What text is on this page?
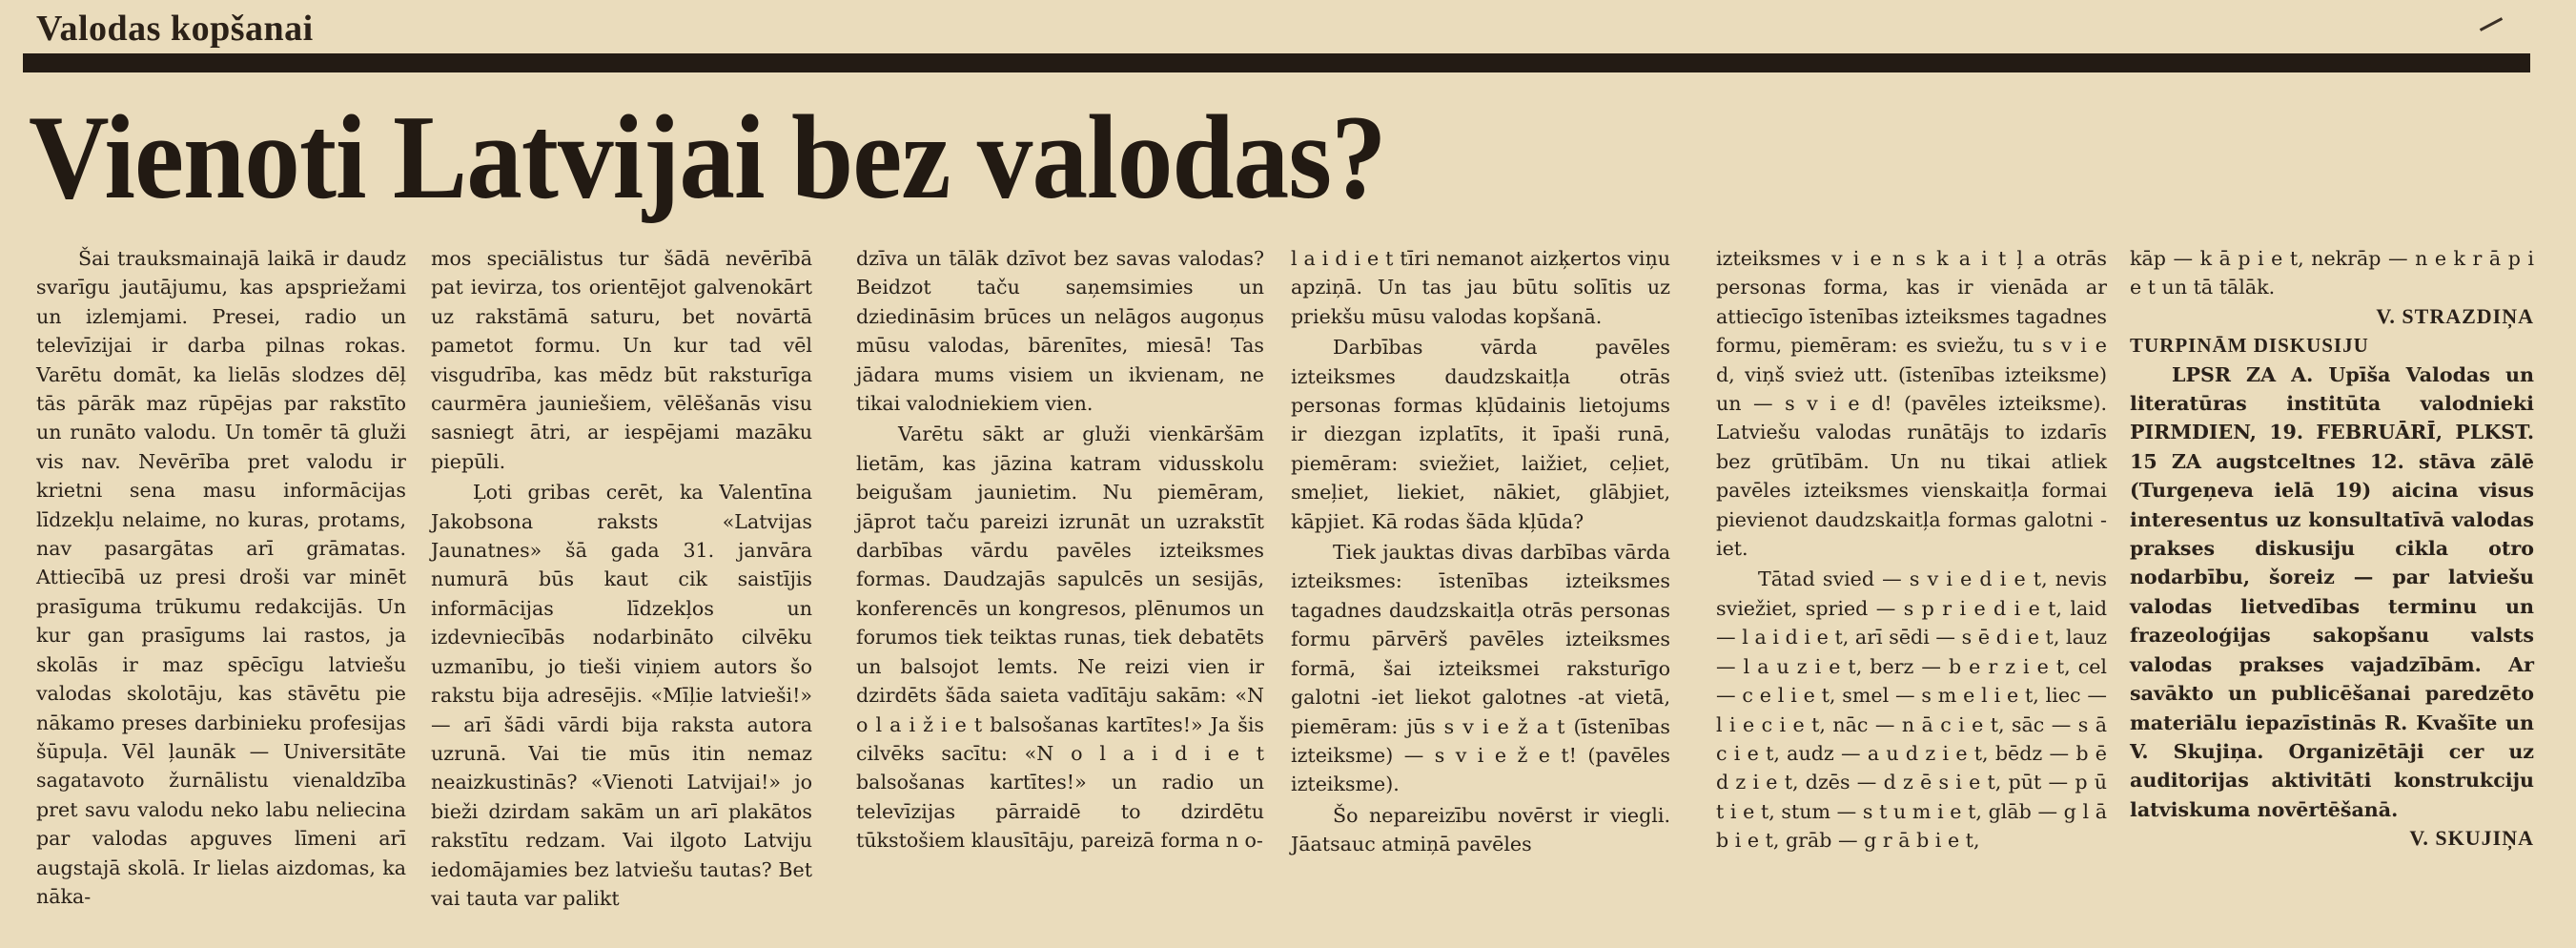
Valodas kopšanai
Vienoti Latvijai bez valodas?

Šai trauksmainajā laikā ir daudz svarīgu jautājumu, kas apspriežami un izlemjami. Presei, radio un televīzijai ir darba pilnas rokas. Varētu domāt, ka lielās slodzes dēļ tās pārāk maz rūpējas par rakstīto un runāto valodu. Un tomēr tā gluži vis nav. Nevērība pret valodu ir krietni sena masu informācijas līdzekļu nelaime, no kuras, protams, nav pasargātas arī grāmatas. Attiecībā uz presi droši var minēt prasīguma trūkumu redakcijās. Un kur gan prasīgums lai rastos, ja skolās ir maz spēcīgu latviešu valodas skolotāju, kas stāvētu pie nākamo preses darbinieku profesijas šūpuļa. Vēl ļaunāk — Universitāte sagatavoto žurnālistu vienaldzība pret savu valodu neko labu neliecina par valodas apguves līmeni arī augstajā skolā. Ir lielas aizdomas, ka nāka-

mos speciālistus tur šādā nevērībā pat ievirza, tos orientējot galvenokārt uz rakstāmā saturu, bet novārtā pametot formu. Un kur tad vēl visgudrība, kas mēdz būt raksturīga caurmēra jauniešiem, vēlēšanās visu sasniegt ātri, ar iespējami mazāku piepūli.

Ļoti gribas cerēt, ka Valentīna Jakobsona raksts «Latvijas Jaunatnes» šā gada 31. janvāra numurā būs kaut cik saistījis informācijas līdzekļos un izdevniecībās nodarbināto cilvēku uzmanību, jo tieši viņiem autors šo rakstu bija adresējis. «Mīļie latvieši!» — arī šādi vārdi bija raksta autora uzrunā. Vai tie mūs itin nemaz neaizkustinās? «Vienoti Latvijai!» jo bieži dzirdam sakām un arī plakātos rakstītu redzam. Vai ilgoto Latviju iedomājamies bez latviešu tautas? Bet vai tauta var palikt

dzīva un tālāk dzīvot bez savas valodas? Beidzot taču saņemsimies un dziedināsim brūces un nelāgos augoņus mūsu valodas, bārenītes, miesā! Tas jādara mums visiem un ikvienam, ne tikai valodniekiem vien.

Varētu sākt ar gluži vienkāršām lietām, kas jāzina katram vidusskolu beigušam jaunietim. Nu piemēram, jāprot taču pareizi izrunāt un uzrakstīt darbības vārdu pavēles izteiksmes formas. Daudzajās sapulcēs un sesijās, konferencēs un kongresos, plēnumos un forumos tiek teiktas runas, tiek debatēts un balsojot lemts. Ne reizi vien ir dzirdēts šāda saieta vadītāju sakām: «N o l a i ž i e t balsošanas kartītes!» Ja šis cilvēks sacītu: «N o l a i d i e t balsošanas kartītes!» un radio un televīzijas pārraidē to dzirdētu tūkstošiem klausītāju, pareizā forma n o-

l a i d i e t tīri nemanot aizķertos viņu apziņā. Un tas jau būtu solītis uz priekšu mūsu valodas kopšanā.

Darbības vārda pavēles izteiksmes daudzskaitļa otrās personas formas kļūdainis lietojums ir diezgan izplatīts, it īpaši runā, piemēram: sviežiet, laižiet, ceļiet, smeļiet, liekiet, nākiet, glābjiet, kāpjiet. Kā rodas šāda kļūda?

Tiek jauktas divas darbības vārda izteiksmes: īstenības izteiksmes tagadnes daudzskaitļa otrās personas formu pārvērš pavēles izteiksmes formā, šai izteiksmei raksturīgo galotni -iet liekot galotnes -at vietā, piemēram: jūs s v i e ž a t (īstenības izteiksme) — s v i e ž e t! (pavēles izteiksme).

Šo nepareizību novērst ir viegli. Jāatsauc atmiņā pavēles

izteiksmes v i e n s k a i t ļ a otrās personas forma, kas ir vienāda ar attiecīgo īstenības izteiksmes tagadnes formu, piemēram: es sviežu, tu s v i e d, viņš svież utt. (īstenības izteiksme) un — s v i e d! (pavēles izteiksme). Latviešu valodas runātājs to izdarīs bez grūtībām. Un nu tikai atliek pavēles izteiksmes vienskaitļa formai pievienot daudzskaitļa formas galotni -iet.

Tātad svied — s v i e d i e t, nevis sviežiet, spried — s p r i e d i e t, laid — l a i d i e t, arī sēdi — s ē d i e t, lauz — l a u z i e t, berz — b e r z i e t, cel — c e l i e t, smel — s m e l i e t, liec — l i e c i e t, nāc — n ā c i e t, sāc — s ā c i e t, audz — a u d z i e t, bēdz — b ē d z i e t, dzēs — d z ē s i e t, pūt — p ū t i e t, stum — s t u m i e t, glāb — g l ā b i e t, grāb — g r ā b i e t,

kāp — k ā p i e t, nekrāp — n e k r ā p i e t un tā tālāk.

V. STRAZDIŅA

TURPINĀM DISKUSIJU

LPSR ZA A. Upīša Valodas un literatūras institūta valodnieki PIRMDIEN, 19. FEBRUĀRĪ, PLKST. 15 ZA augstceltnes 12. stāva zālē (Turgeņeva ielā 19) aicina visus interesentus uz konsultatīvā valodas prakses diskusiju cikla otro nodarbību, šoreiz — par latviešu valodas lietvedības terminu un frazeoloģijas sakopšanu valsts valodas prakses vajadzībām. Ar savākto un publicēšanai paredzēto materiālu iepazīstinās R. Kvašīte un V. Skujiņa. Organizētāji cer uz auditorijas aktivitāti konstrukciju latviskuma novērtēšanā.

V. SKUJIŅA
